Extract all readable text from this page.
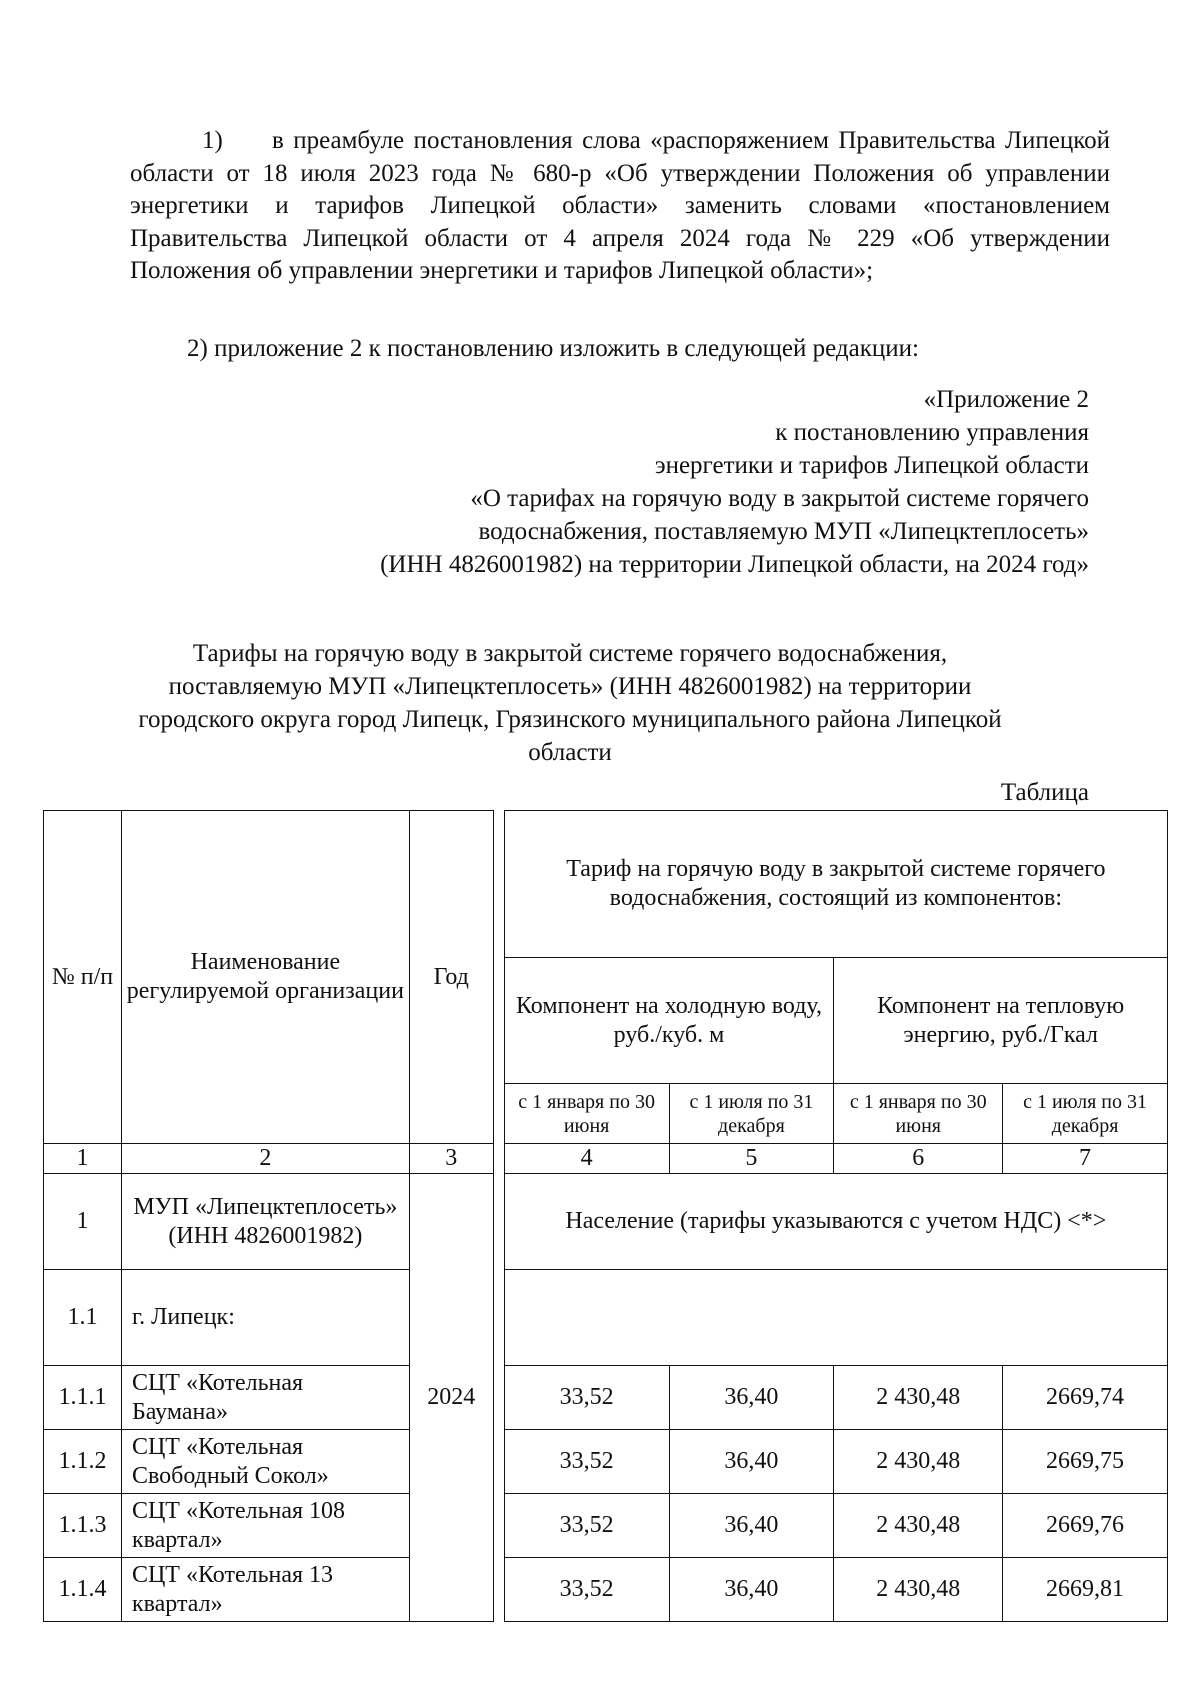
1) в преамбуле постановления слова «распоряжением Правительства Липецкой области от 18 июля 2023 года № 680-р «Об утверждении Положения об управлении энергетики и тарифов Липецкой области» заменить словами «постановлением Правительства Липецкой области от 4 апреля 2024 года № 229 «Об утверждении Положения об управлении энергетики и тарифов Липецкой области»;
2) приложение 2 к постановлению изложить в следующей редакции:
«Приложение 2
к постановлению управления
энергетики и тарифов Липецкой области
«О тарифах на горячую воду в закрытой системе горячего
водоснабжения, поставляемую МУП «Липецктеплосеть»
(ИНН 4826001982) на территории Липецкой области, на 2024 год»
Тарифы на горячую воду в закрытой системе горячего водоснабжения,
поставляемую МУП «Липецктеплосеть» (ИНН 4826001982) на территории
городского округа город Липецк, Грязинского муниципального района Липецкой
области
Таблица
№ п/п	Наименование регулируемой организации	Год		Тариф на горячую воду в закрытой системе горячего водоснабжения, состоящий из компонентов:			
				Компонент на холодную воду, руб./куб. м		Компонент на тепловую энергию, руб./Гкал	
				с 1 января по 30 июня	с 1 июля по 31 декабря	с 1 января по 30 июня	с 1 июля по 31 декабря
1	2	3		4	5	6	7
1	МУП «Липецктеплосеть» (ИНН 4826001982)	2024		Население (тарифы указываются с учетом НДС) <*>			
1.1	г. Липецк:						
1.1.1	СЦТ «Котельная Баумана»			33,52	36,40	2 430,48	2669,74
1.1.2	СЦТ «Котельная Свободный Сокол»			33,52	36,40	2 430,48	2669,75
1.1.3	СЦТ «Котельная 108 квартал»			33,52	36,40	2 430,48	2669,76
1.1.4	СЦТ «Котельная 13 квартал»			33,52	36,40	2 430,48	2669,81
